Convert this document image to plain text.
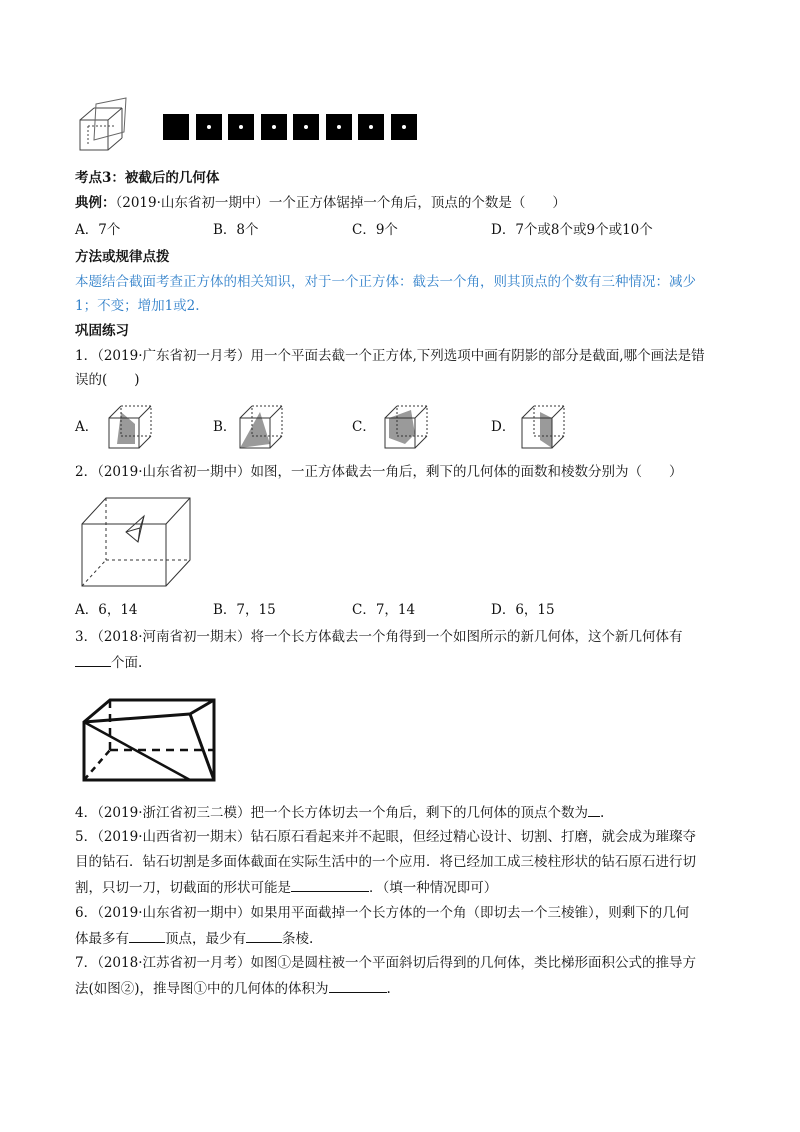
考点3：被截后的几何体
典例：（2019·山东省初一期中）一个正方体锯掉一个角后，顶点的个数是（　　）
A．7个	B．8个	C．9个	D．7个或8个或9个或10个
方法或规律点拨
本题结合截面考查正方体的相关知识，对于一个正方体：截去一个角，则其顶点的个数有三种情况：减少
1；不变；增加1或2.
巩固练习
1．（2019·广东省初一月考）用一个平面去截一个正方体,下列选项中画有阴影的部分是截面,哪个画法是错
误的(　　)
A．	B．	C．	D．
2．（2019·山东省初一期中）如图，一正方体截去一角后，剩下的几何体的面数和棱数分别为（　　）
A．6，14	B．7，15	C．7，14	D．6，15
3．（2018·河南省初一期末）将一个长方体截去一个角得到一个如图所示的新几何体，这个新几何体有
个面.
4．（2019·浙江省初三二模）把一个长方体切去一个角后，剩下的几何体的顶点个数为 .
5．（2019·山西省初一期末）钻石原石看起来并不起眼，但经过精心设计、切割、打磨，就会成为璀璨夺
目的钻石．钻石切割是多面体截面在实际生活中的一个应用．将已经加工成三棱柱形状的钻石原石进行切
割，只切一刀，切截面的形状可能是	．（填一种情况即可）
6．（2019·山东省初一期中）如果用平面截掉一个长方体的一个角（即切去一个三棱锥），则剩下的几何
体最多有	顶点，最少有	条棱.
7．（2018·江苏省初一月考）如图①是圆柱被一个平面斜切后得到的几何体，类比梯形面积公式的推导方
法(如图②)，推导图①中的几何体的体积为	.
